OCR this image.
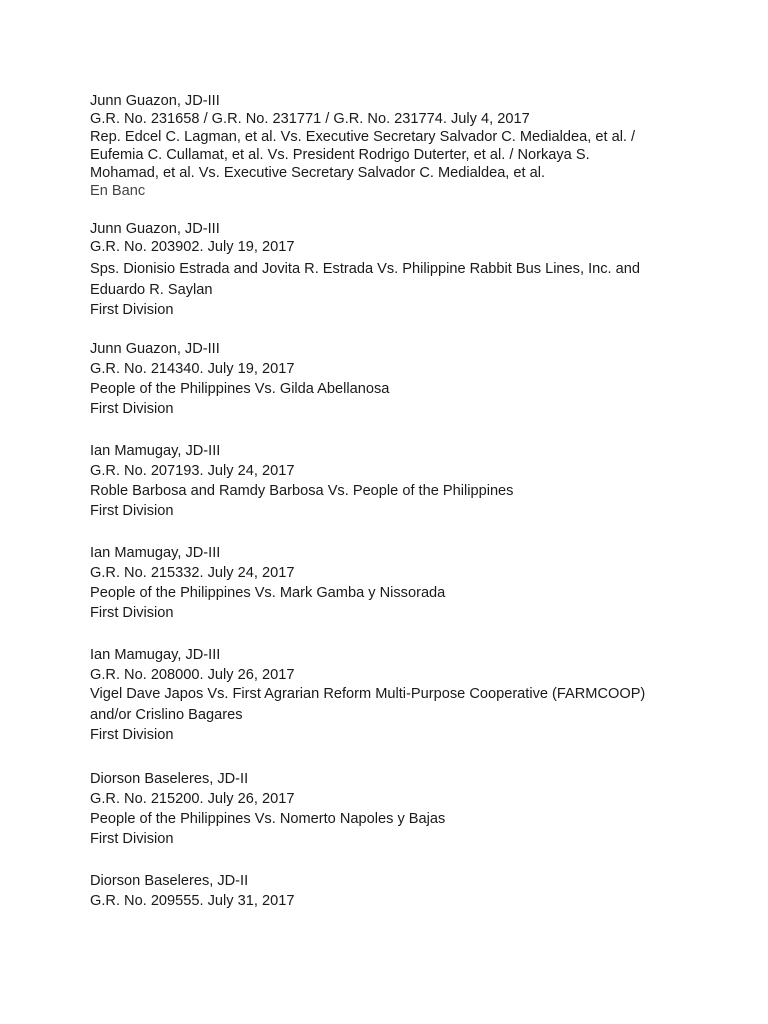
Junn Guazon, JD-III
G.R. No. 231658 / G.R. No. 231771 / G.R. No. 231774. July 4, 2017
Rep. Edcel C. Lagman, et al. Vs. Executive Secretary Salvador C. Medialdea, et al. /
Eufemia C. Cullamat, et al. Vs. President Rodrigo Duterter, et al. / Norkaya S.
Mohamad, et al. Vs. Executive Secretary Salvador C. Medialdea, et al.
En Banc
Junn Guazon, JD-III
G.R. No. 203902. July 19, 2017
Sps. Dionisio Estrada and Jovita R. Estrada Vs. Philippine Rabbit Bus Lines, Inc. and
Eduardo R. Saylan
First Division
Junn Guazon, JD-III
G.R. No. 214340. July 19, 2017
People of the Philippines Vs. Gilda Abellanosa
First Division
Ian Mamugay, JD-III
G.R. No. 207193. July 24, 2017
Roble Barbosa and Ramdy Barbosa Vs. People of the Philippines
First Division
Ian Mamugay, JD-III
G.R. No. 215332. July 24, 2017
People of the Philippines Vs. Mark Gamba y Nissorada
First Division
Ian Mamugay, JD-III
G.R. No. 208000. July 26, 2017
Vigel Dave Japos Vs. First Agrarian Reform Multi-Purpose Cooperative (FARMCOOP)
and/or Crislino Bagares
First Division
Diorson Baseleres, JD-II
G.R. No. 215200. July 26, 2017
People of the Philippines Vs. Nomerto Napoles y Bajas
First Division
Diorson Baseleres, JD-II
G.R. No. 209555. July 31, 2017
